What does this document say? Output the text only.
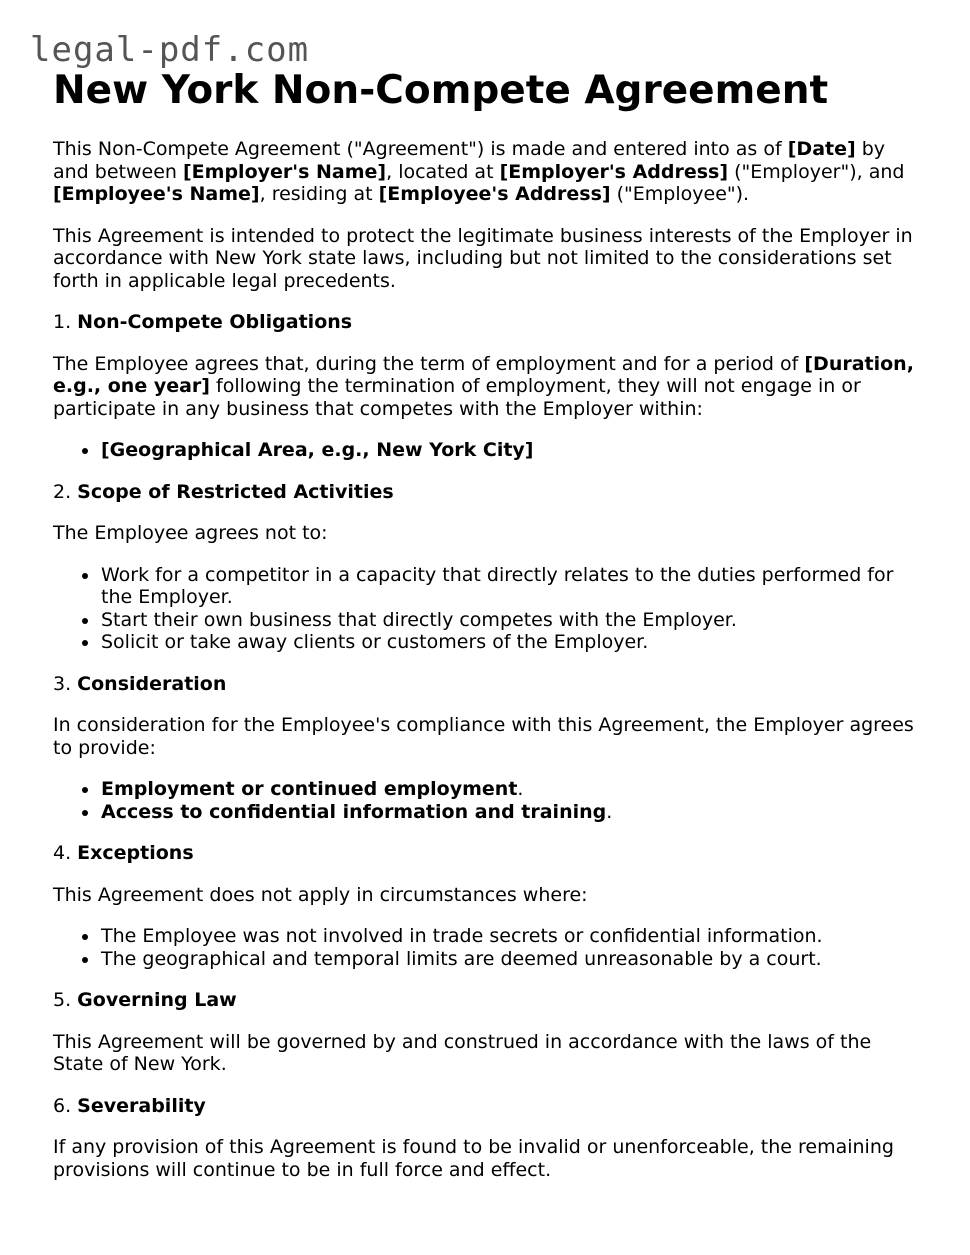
legal-pdf.com
New York Non-Compete Agreement

This Non-Compete Agreement ("Agreement") is made and entered into as of [Date] by and between [Employer's Name], located at [Employer's Address] ("Employer"), and [Employee's Name], residing at [Employee's Address] ("Employee").

This Agreement is intended to protect the legitimate business interests of the Employer in accordance with New York state laws, including but not limited to the considerations set forth in applicable legal precedents.

1. Non-Compete Obligations

The Employee agrees that, during the term of employment and for a period of [Duration, e.g., one year] following the termination of employment, they will not engage in or participate in any business that competes with the Employer within:

[Geographical Area, e.g., New York City]

2. Scope of Restricted Activities

The Employee agrees not to:

Work for a competitor in a capacity that directly relates to the duties performed for the Employer.
Start their own business that directly competes with the Employer.
Solicit or take away clients or customers of the Employer.

3. Consideration

In consideration for the Employee's compliance with this Agreement, the Employer agrees to provide:

Employment or continued employment.
Access to confidential information and training.

4. Exceptions

This Agreement does not apply in circumstances where:

The Employee was not involved in trade secrets or confidential information.
The geographical and temporal limits are deemed unreasonable by a court.

5. Governing Law

This Agreement will be governed by and construed in accordance with the laws of the State of New York.

6. Severability

If any provision of this Agreement is found to be invalid or unenforceable, the remaining provisions will continue to be in full force and effect.
